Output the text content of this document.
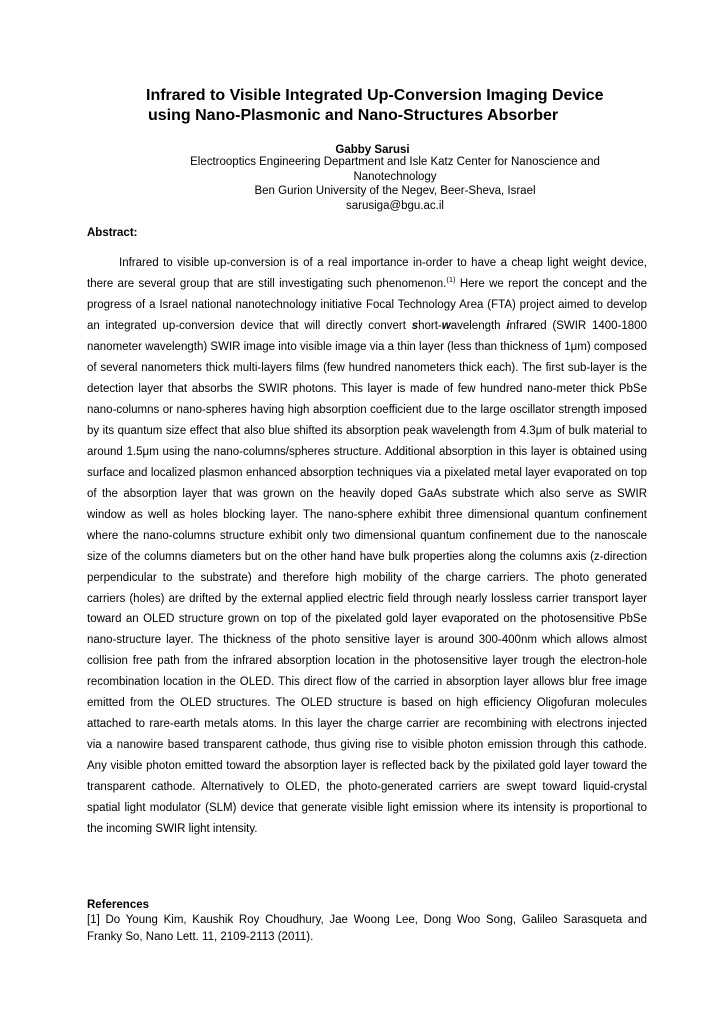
Infrared to Visible Integrated Up-Conversion Imaging Device
using Nano-Plasmonic and Nano-Structures Absorber
Gabby Sarusi
Electrooptics Engineering Department and Isle Katz Center for Nanoscience and
Nanotechnology
Ben Gurion University of the Negev, Beer-Sheva, Israel
sarusiga@bgu.ac.il
Abstract:
Infrared to visible up-conversion is of a real importance in-order to have a cheap light weight device, there are several group that are still investigating such phenomenon.$^{(1)}$ Here we report the concept and the progress of a Israel national nanotechnology initiative Focal Technology Area (FTA) project aimed to develop an integrated up-conversion device that will directly convert short-wavelength infrared (SWIR 1400-1800 nanometer wavelength) SWIR image into visible image via a thin layer (less than thickness of 1μm) composed of several nanometers thick multi-layers films (few hundred nanometers thick each). The first sub-layer is the detection layer that absorbs the SWIR photons. This layer is made of few hundred nano-meter thick PbSe nano-columns or nano-spheres having high absorption coefficient due to the large oscillator strength imposed by its quantum size effect that also blue shifted its absorption peak wavelength from 4.3μm of bulk material to around 1.5μm using the nano-columns/spheres structure. Additional absorption in this layer is obtained using surface and localized plasmon enhanced absorption techniques via a pixelated metal layer evaporated on top of the absorption layer that was grown on the heavily doped GaAs substrate which also serve as SWIR window as well as holes blocking layer. The nano-sphere exhibit three dimensional quantum confinement where the nano-columns structure exhibit only two dimensional quantum confinement due to the nanoscale size of the columns diameters but on the other hand have bulk properties along the columns axis (z-direction perpendicular to the substrate) and therefore high mobility of the charge carriers. The photo generated carriers (holes) are drifted by the external applied electric field through nearly lossless carrier transport layer toward an OLED structure grown on top of the pixelated gold layer evaporated on the photosensitive PbSe nano-structure layer. The thickness of the photo sensitive layer is around 300-400nm which allows almost collision free path from the infrared absorption location in the photosensitive layer trough the electron-hole recombination location in the OLED. This direct flow of the carried in absorption layer allows blur free image emitted from the OLED structures. The OLED structure is based on high efficiency Oligofuran molecules attached to rare-earth metals atoms. In this layer the charge carrier are recombining with electrons injected via a nanowire based transparent cathode, thus giving rise to visible photon emission through this cathode. Any visible photon emitted toward the absorption layer is reflected back by the pixilated gold layer toward the transparent cathode. Alternatively to OLED, the photo-generated carriers are swept toward liquid-crystal spatial light modulator (SLM) device that generate visible light emission where its intensity is proportional to the incoming SWIR light intensity.
References
[1] Do Young Kim, Kaushik Roy Choudhury, Jae Woong Lee, Dong Woo Song, Galileo Sarasqueta and Franky So, Nano Lett. 11, 2109-2113 (2011).
